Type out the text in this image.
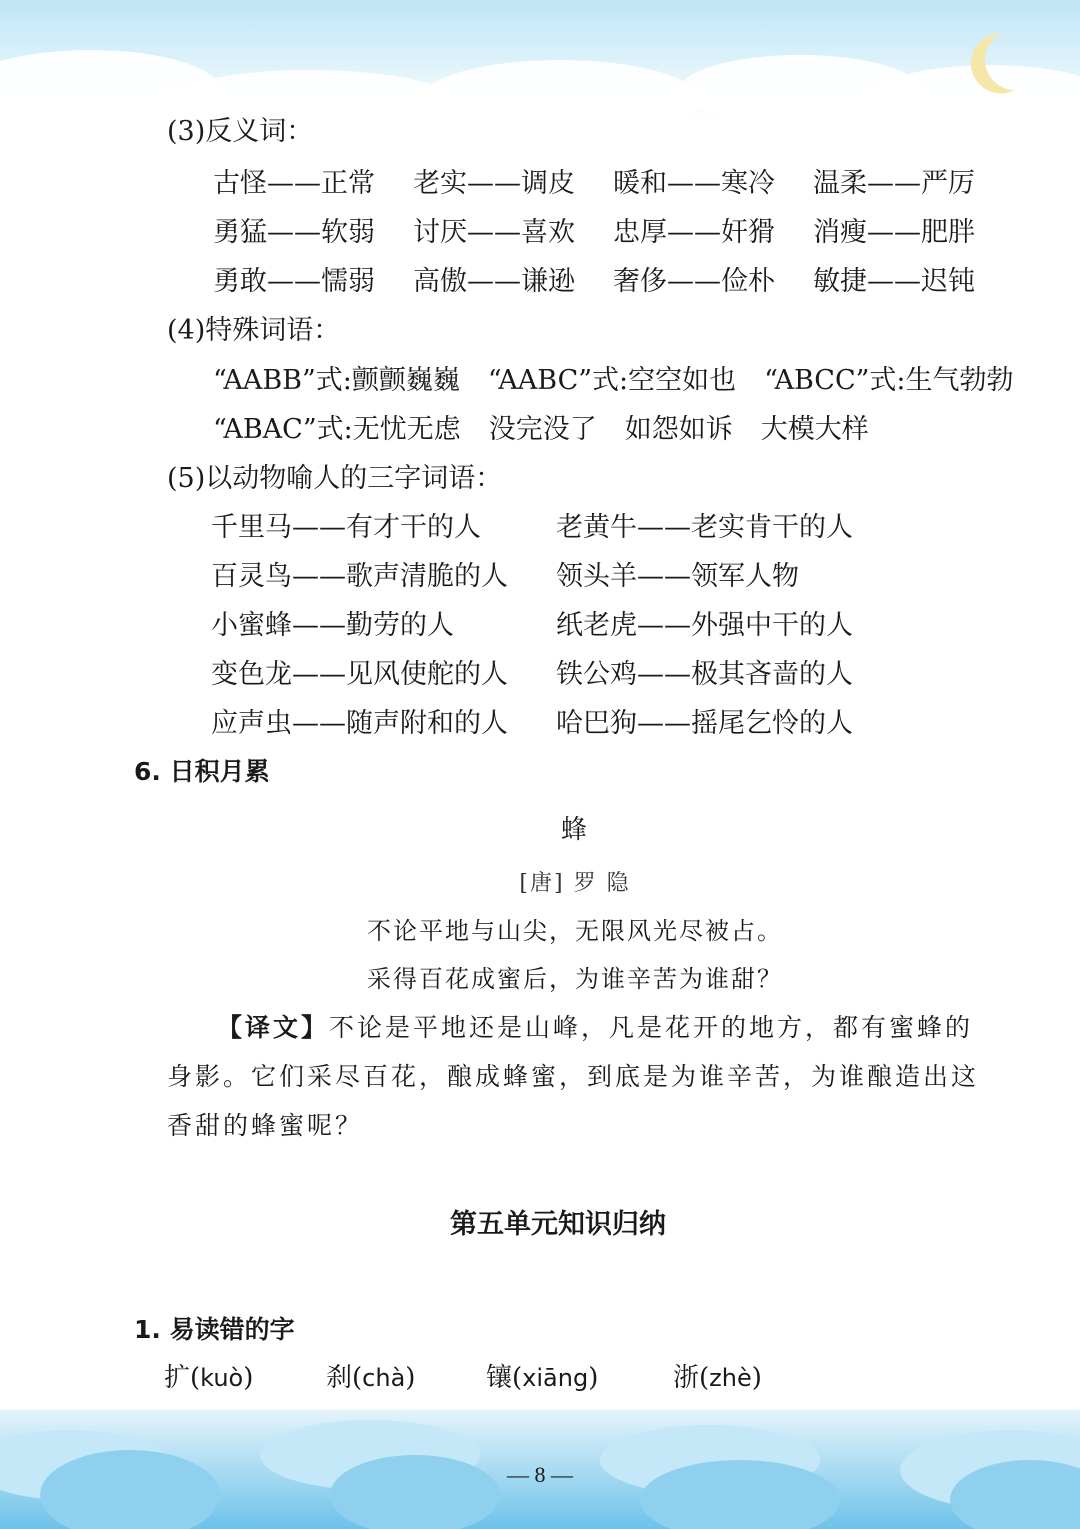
(3)反义词：
古怪——正常	老实——调皮	暖和——寒冷	温柔——严厉
勇猛——软弱	讨厌——喜欢	忠厚——奸猾	消瘦——肥胖
勇敢——懦弱	高傲——谦逊	奢侈——俭朴	敏捷——迟钝
(4)特殊词语：
“AABB”式:颤颤巍巍 “AABC”式:空空如也 “ABCC”式:生气勃勃
“ABAC”式:无忧无虑 没完没了 如怨如诉 大模大样
(5)以动物喻人的三字词语：
千里马——有才干的人	老黄牛——老实肯干的人
百灵鸟——歌声清脆的人	领头羊——领军人物
小蜜蜂——勤劳的人	纸老虎——外强中干的人
变色龙——见风使舵的人	铁公鸡——极其吝啬的人
应声虫——随声附和的人	哈巴狗——摇尾乞怜的人
6. 日积月累
蜂
[唐] 罗 隐
不论平地与山尖，无限风光尽被占。
采得百花成蜜后，为谁辛苦为谁甜？
【译文】不论是平地还是山峰，凡是花开的地方，都有蜜蜂的身影。它们采尽百花，酿成蜂蜜，到底是为谁辛苦，为谁酿造出这香甜的蜂蜜呢？
第五单元知识归纳
1. 易读错的字
扩(kuò)	刹(chà)	镶(xiāng)	浙(zhè)
— 8 —
